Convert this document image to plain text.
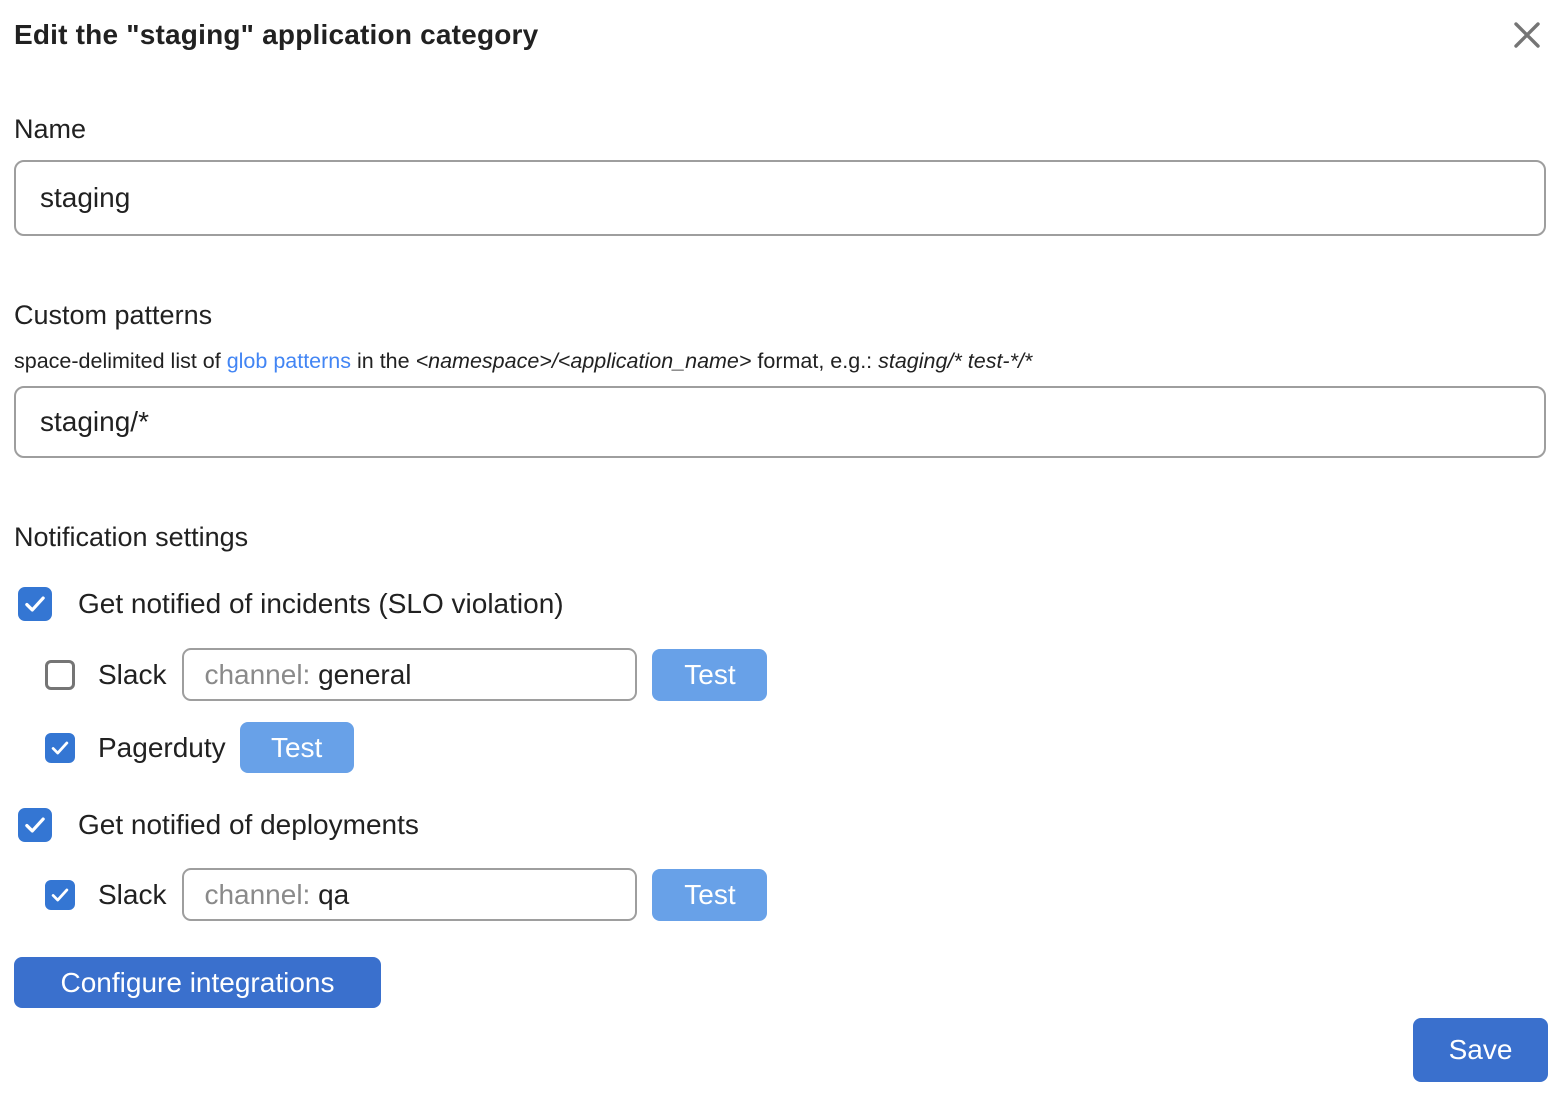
Edit the "staging" application category
Name
staging
Custom patterns
space-delimited list of glob patterns in the <namespace>/<application_name> format, e.g.: staging/* test-*/*
staging/*
Notification settings
Get notified of incidents (SLO violation)
Slack channel: general	Test
Pagerduty	Test
Get notified of deployments
Slack channel: qa	Test
Configure integrations
Save
